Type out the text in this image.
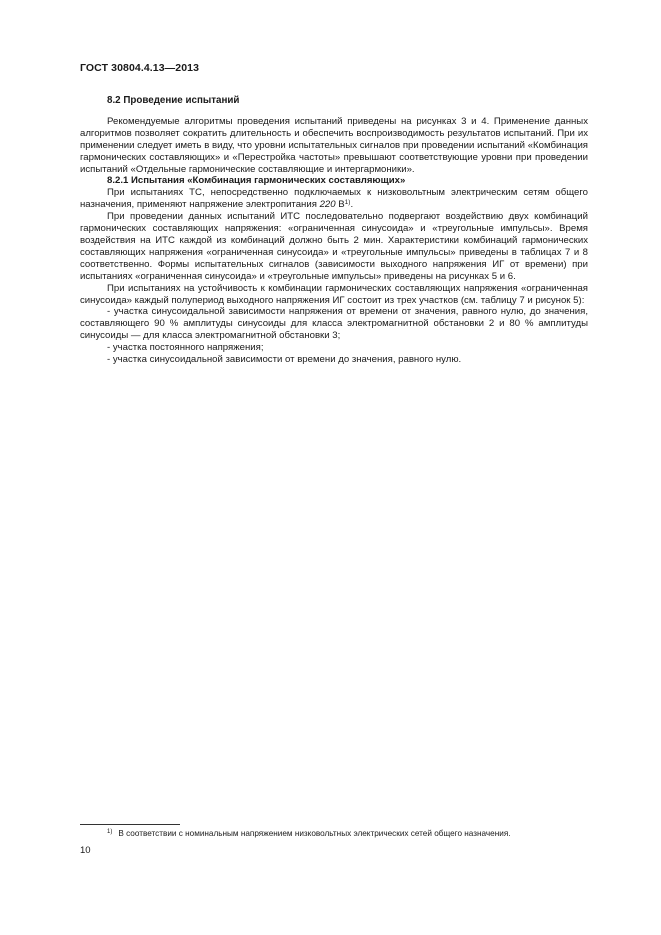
ГОСТ 30804.4.13—2013
8.2 Проведение испытаний

Рекомендуемые алгоритмы проведения испытаний приведены на рисунках 3 и 4. Применение данных алгоритмов позволяет сократить длительность и обеспечить воспроизводимость результатов испытаний. При их применении следует иметь в виду, что уровни испытательных сигналов при проведении испытаний «Комбинация гармонических составляющих» и «Перестройка частоты» превышают соответствующие уровни при проведении испытаний «Отдельные гармонические составляющие и интергармоники».

8.2.1 Испытания «Комбинация гармонических составляющих»

При испытаниях ТС, непосредственно подключаемых к низковольтным электрическим сетям общего назначения, применяют напряжение электропитания 220 $В^{1)}$.

При проведении данных испытаний ИТС последовательно подвергают воздействию двух комбинаций гармонических составляющих напряжения: «ограниченная синусоида» и «треугольные импульсы». Время воздействия на ИТС каждой из комбинаций должно быть 2 мин. Характеристики комбинаций гармонических составляющих напряжения «ограниченная синусоида» и «треугольные импульсы» приведены в таблицах 7 и 8 соответственно. Формы испытательных сигналов (зависимости выходного напряжения ИГ от времени) при испытаниях «ограниченная синусоида» и «треугольные импульсы» приведены на рисунках 5 и 6.

При испытаниях на устойчивость к комбинации гармонических составляющих напряжения «ограниченная синусоида» каждый полупериод выходного напряжения ИГ состоит из трех участков (см. таблицу 7 и рисунок 5):

- участка синусоидальной зависимости напряжения от времени от значения, равного нулю, до значения, составляющего 90 % амплитуды синусоиды для класса электромагнитной обстановки 2 и 80 % амплитуды синусоиды — для класса электромагнитной обстановки 3;

- участка постоянного напряжения;

- участка синусоидальной зависимости от времени до значения, равного нулю.

$^{1)}$ В соответствии с номинальным напряжением низковольтных электрических сетей общего назначения.
10
